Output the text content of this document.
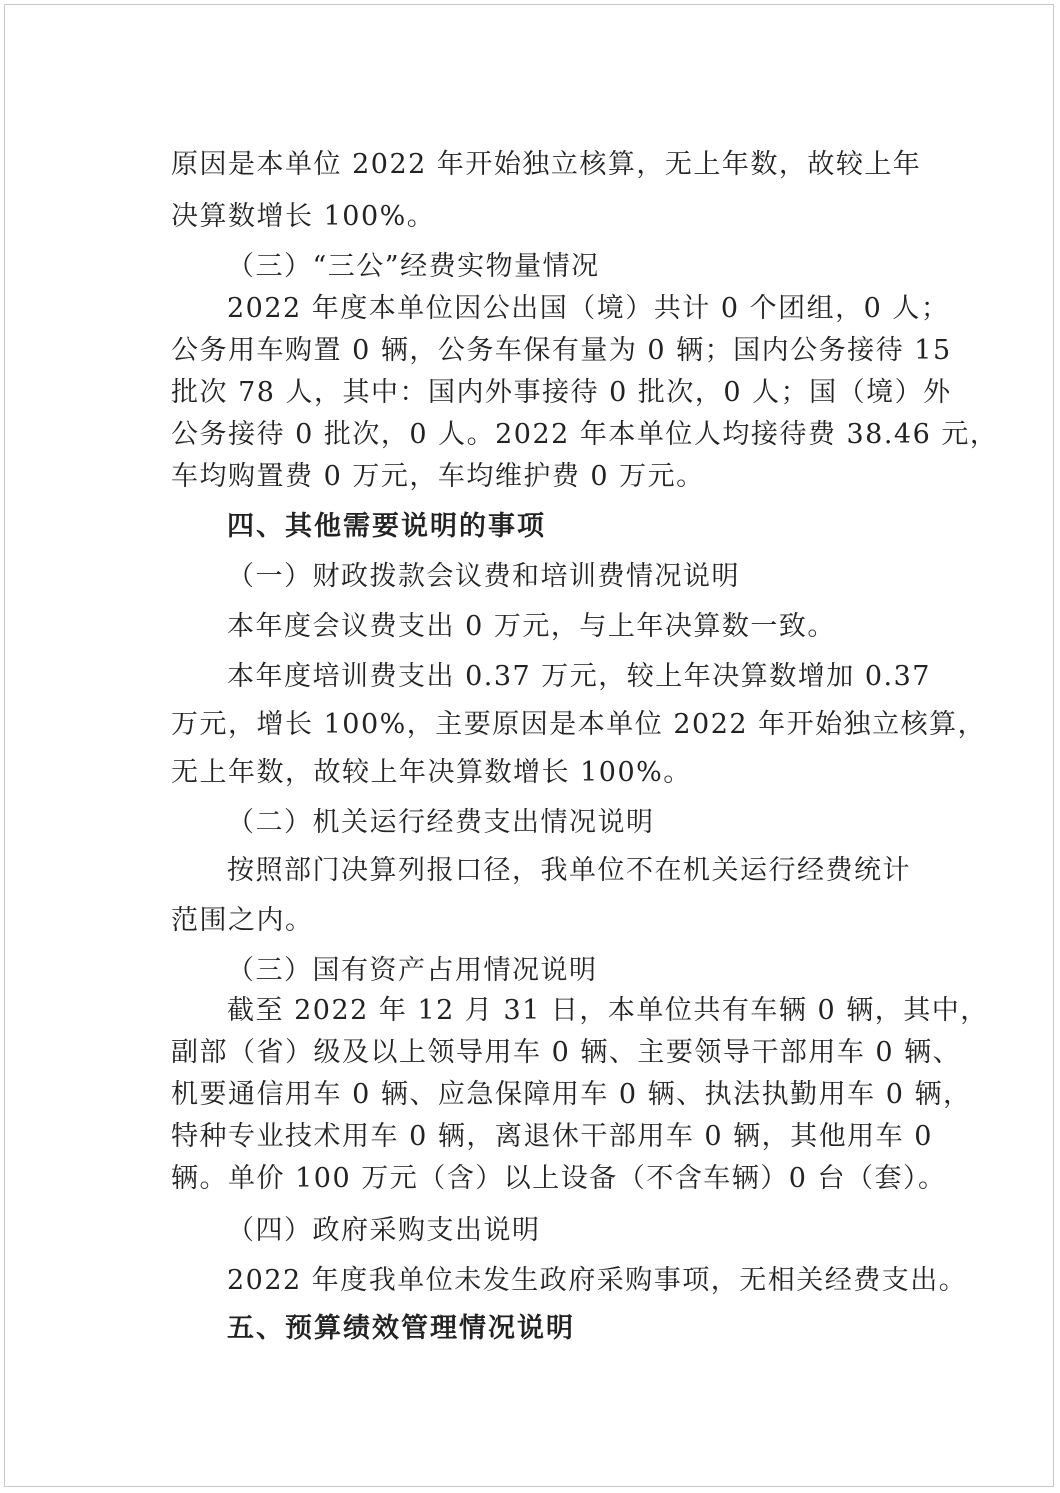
原因是本单位 2022 年开始独立核算，无上年数，故较上年
决算数增长 100%。
（三）“三公”经费实物量情况
2022 年度本单位因公出国（境）共计 0 个团组，0 人；
公务用车购置 0 辆，公务车保有量为 0 辆；国内公务接待 15
批次 78 人，其中：国内外事接待 0 批次，0 人；国（境）外
公务接待 0 批次，0 人。2022 年本单位人均接待费 38.46 元，
车均购置费 0 万元，车均维护费 0 万元。
四、其他需要说明的事项
（一）财政拨款会议费和培训费情况说明
本年度会议费支出 0 万元，与上年决算数一致。
本年度培训费支出 0.37 万元，较上年决算数增加 0.37
万元，增长 100%，主要原因是本单位 2022 年开始独立核算，
无上年数，故较上年决算数增长 100%。
（二）机关运行经费支出情况说明
按照部门决算列报口径，我单位不在机关运行经费统计
范围之内。
（三）国有资产占用情况说明
截至 2022 年 12 月 31 日，本单位共有车辆 0 辆，其中，
副部（省）级及以上领导用车 0 辆、主要领导干部用车 0 辆、
机要通信用车 0 辆、应急保障用车 0 辆、执法执勤用车 0 辆，
特种专业技术用车 0 辆，离退休干部用车 0 辆，其他用车 0
辆。单价 100 万元（含）以上设备（不含车辆）0 台（套）。
（四）政府采购支出说明
2022 年度我单位未发生政府采购事项，无相关经费支出。
五、预算绩效管理情况说明
